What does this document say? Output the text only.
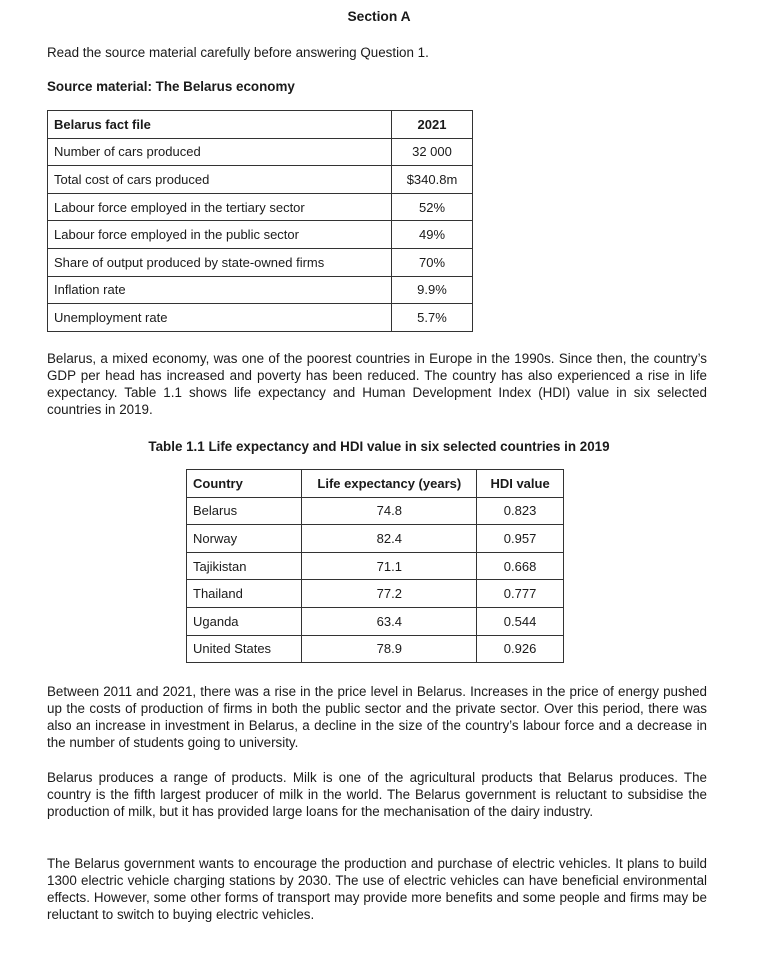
Section A
Read the source material carefully before answering Question 1.
Source material: The Belarus economy
Belarus fact file	2021
Number of cars produced	32 000
Total cost of cars produced	$340.8m
Labour force employed in the tertiary sector	52%
Labour force employed in the public sector	49%
Share of output produced by state-owned firms	70%
Inflation rate	9.9%
Unemployment rate	5.7%
Belarus, a mixed economy, was one of the poorest countries in Europe in the 1990s. Since then, the country’s GDP per head has increased and poverty has been reduced. The country has also experienced a rise in life expectancy. Table 1.1 shows life expectancy and Human Development Index (HDI) value in six selected countries in 2019.
Table 1.1 Life expectancy and HDI value in six selected countries in 2019
Country	Life expectancy (years)	HDI value
Belarus	74.8	0.823
Norway	82.4	0.957
Tajikistan	71.1	0.668
Thailand	77.2	0.777
Uganda	63.4	0.544
United States	78.9	0.926
Between 2011 and 2021, there was a rise in the price level in Belarus. Increases in the price of energy pushed up the costs of production of firms in both the public sector and the private sector. Over this period, there was also an increase in investment in Belarus, a decline in the size of the country’s labour force and a decrease in the number of students going to university.
Belarus produces a range of products. Milk is one of the agricultural products that Belarus produces. The country is the fifth largest producer of milk in the world. The Belarus government is reluctant to subsidise the production of milk, but it has provided large loans for the mechanisation of the dairy industry.
The Belarus government wants to encourage the production and purchase of electric vehicles. It plans to build 1300 electric vehicle charging stations by 2030. The use of electric vehicles can have beneficial environmental effects. However, some other forms of transport may provide more benefits and some people and firms may be reluctant to switch to buying electric vehicles.
